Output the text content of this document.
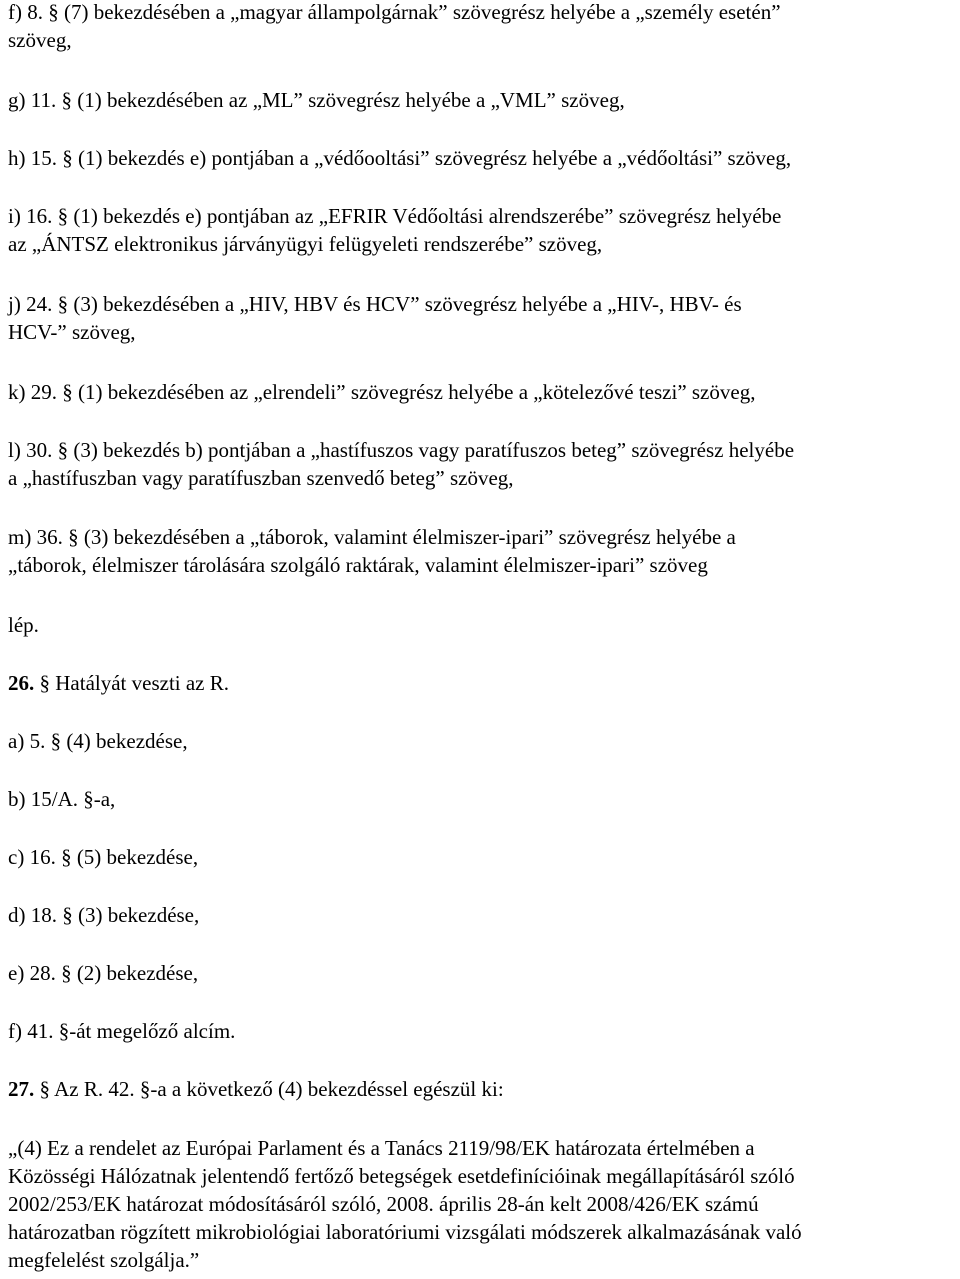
f) 8. § (7) bekezdésében a „magyar állampolgárnak” szövegrész helyébe a „személy esetén”
szöveg,

g) 11. § (1) bekezdésében az „ML” szövegrész helyébe a „VML” szöveg,

h) 15. § (1) bekezdés e) pontjában a „védőooltási” szövegrész helyébe a „védőoltási” szöveg,

i) 16. § (1) bekezdés e) pontjában az „EFRIR Védőoltási alrendszerébe” szövegrész helyébe
az „ÁNTSZ elektronikus járványügyi felügyeleti rendszerébe” szöveg,

j) 24. § (3) bekezdésében a „HIV, HBV és HCV” szövegrész helyébe a „HIV-, HBV- és
HCV-” szöveg,

k) 29. § (1) bekezdésében az „elrendeli” szövegrész helyébe a „kötelezővé teszi” szöveg,

l) 30. § (3) bekezdés b) pontjában a „hastífuszos vagy paratífuszos beteg” szövegrész helyébe
a „hastífuszban vagy paratífuszban szenvedő beteg” szöveg,

m) 36. § (3) bekezdésében a „táborok, valamint élelmiszer-ipari” szövegrész helyébe a
„táborok, élelmiszer tárolására szolgáló raktárak, valamint élelmiszer-ipari” szöveg

lép.

26. § Hatályát veszti az R.

a) 5. § (4) bekezdése,

b) 15/A. §-a,

c) 16. § (5) bekezdése,

d) 18. § (3) bekezdése,

e) 28. § (2) bekezdése,

f) 41. §-át megelőző alcím.

27. § Az R. 42. §-a a következő (4) bekezdéssel egészül ki:

„(4) Ez a rendelet az Európai Parlament és a Tanács 2119/98/EK határozata értelmében a
Közösségi Hálózatnak jelentendő fertőző betegségek esetdefinícióinak megállapításáról szóló
2002/253/EK határozat módosításáról szóló, 2008. április 28-án kelt 2008/426/EK számú
határozatban rögzített mikrobiológiai laboratóriumi vizsgálati módszerek alkalmazásának való
megfelelést szolgálja.”
